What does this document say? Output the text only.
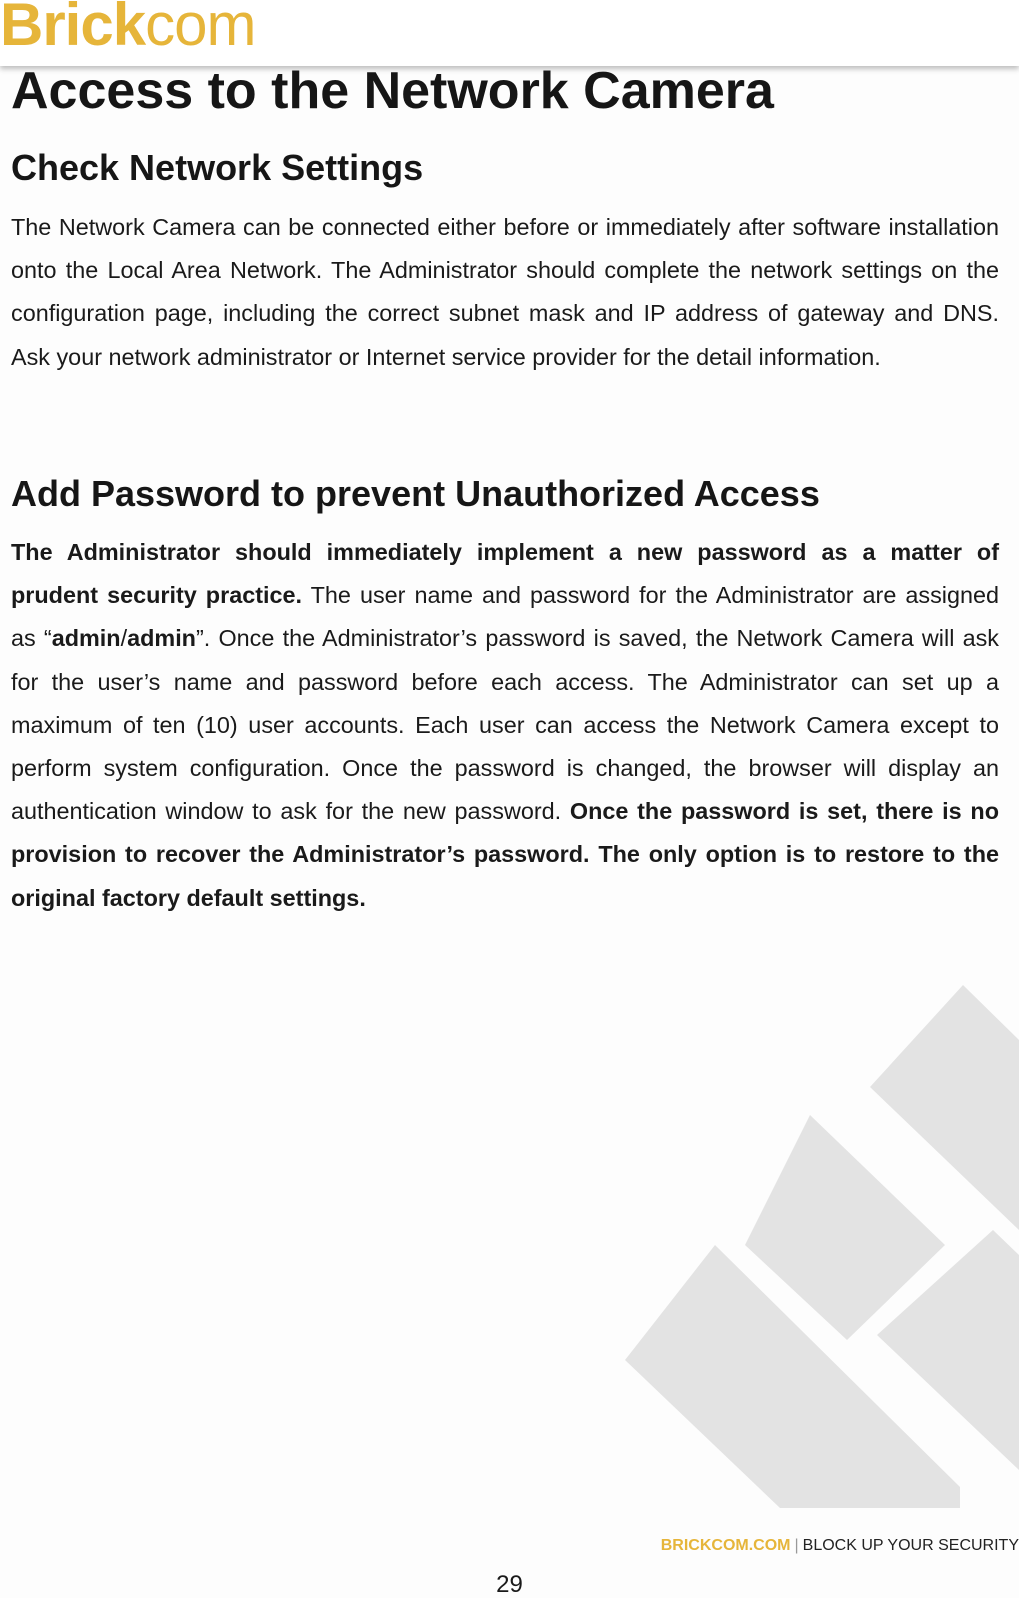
Brickcom
Access to the Network Camera
Check Network Settings

The Network Camera can be connected either before or immediately after software installation onto the Local Area Network. The Administrator should complete the network settings on the configuration page, including the correct subnet mask and IP address of gateway and DNS. Ask your network administrator or Internet service provider for the detail information.

Add Password to prevent Unauthorized Access

The Administrator should immediately implement a new password as a matter of prudent security practice. The user name and password for the Administrator are assigned as “admin/admin”. Once the Administrator’s password is saved, the Network Camera will ask for the user’s name and password before each access. The Administrator can set up a maximum of ten (10) user accounts. Each user can access the Network Camera except to perform system configuration. Once the password is changed, the browser will display an authentication window to ask for the new password. Once the password is set, there is no provision to recover the Administrator’s password. The only option is to restore to the original factory default settings.

BRICKCOM.COM | BLOCK UP YOUR SECURITY
29
